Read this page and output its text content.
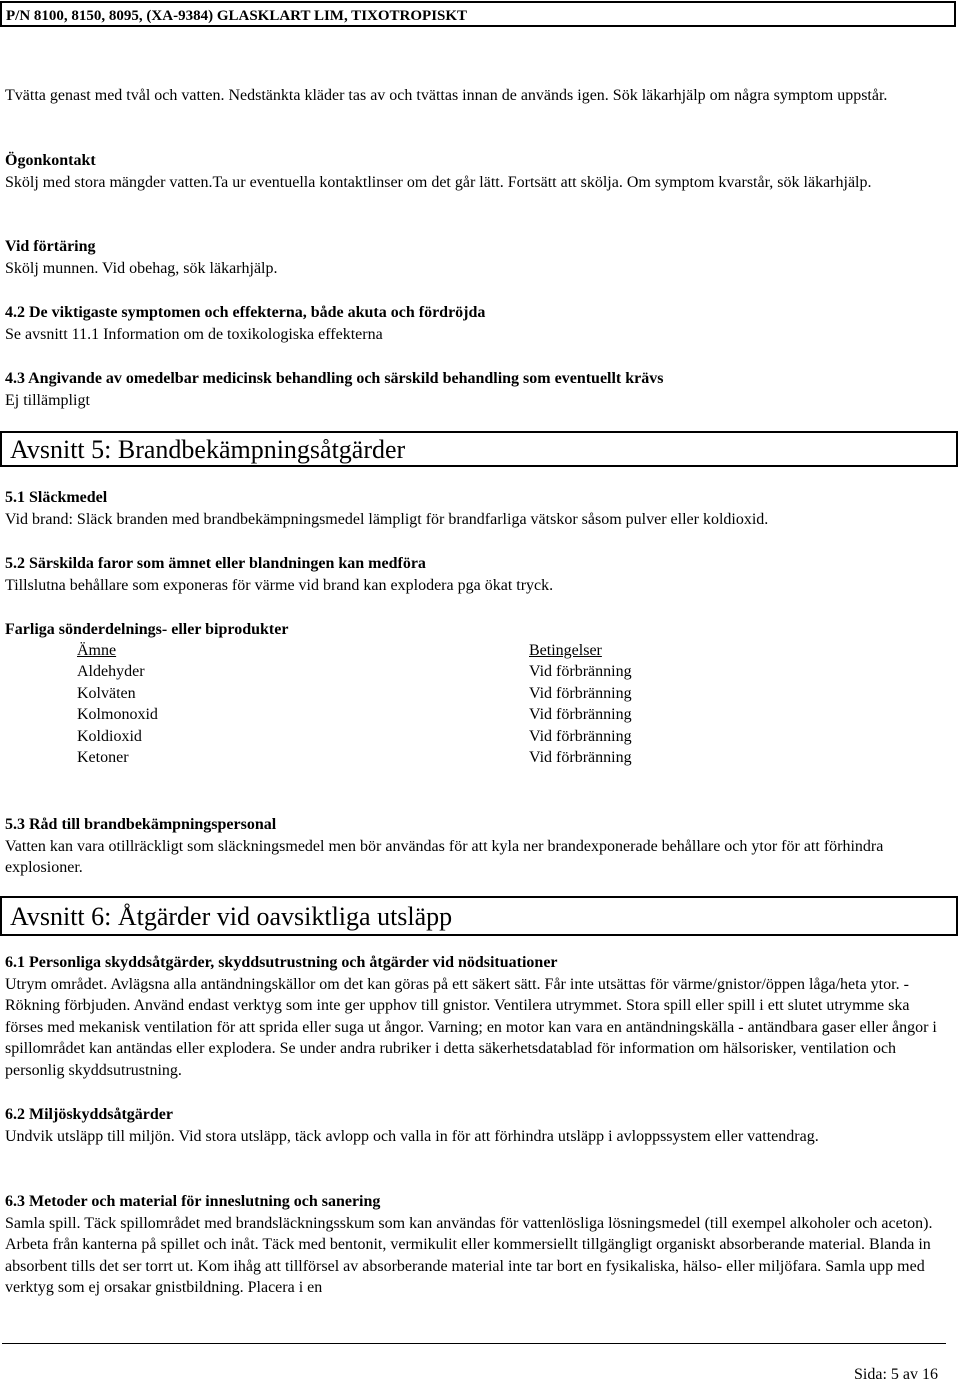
P/N 8100, 8150, 8095, (XA-9384) GLASKLART LIM, TIXOTROPISKT

Tvätta genast med tvål och vatten. Nedstänkta kläder tas av och tvättas innan de används igen. Sök läkarhjälp om några symptom uppstår.

Ögonkontakt

Skölj med stora mängder vatten.Ta ur eventuella kontaktlinser om det går lätt. Fortsätt att skölja. Om symptom kvarstår, sök läkarhjälp.

Vid förtäring

Skölj munnen. Vid obehag, sök läkarhjälp.

4.2 De viktigaste symptomen och effekterna, både akuta och fördröjda

Se avsnitt 11.1 Information om de toxikologiska effekterna

4.3 Angivande av omedelbar medicinsk behandling och särskild behandling som eventuellt krävs

Ej tillämpligt

Avsnitt 5: Brandbekämpningsåtgärder

5.1 Släckmedel

Vid brand: Släck branden med brandbekämpningsmedel lämpligt för brandfarliga vätskor såsom pulver eller koldioxid.

5.2 Särskilda faror som ämnet eller blandningen kan medföra

Tillslutna behållare som exponeras för värme vid brand kan explodera pga ökat tryck.

Farliga sönderdelnings- eller biprodukter

Ämne	Betingelser
Aldehyder	Vid förbränning
Kolväten	Vid förbränning
Kolmonoxid	Vid förbränning
Koldioxid	Vid förbränning
Ketoner	Vid förbränning

5.3 Råd till brandbekämpningspersonal

Vatten kan vara otillräckligt som släckningsmedel men bör användas för att kyla ner brandexponerade behållare och ytor för att förhindra explosioner.

Avsnitt 6: Åtgärder vid oavsiktliga utsläpp

6.1 Personliga skyddsåtgärder, skyddsutrustning och åtgärder vid nödsituationer

Utrym området. Avlägsna alla antändningskällor om det kan göras på ett säkert sätt. Får inte utsättas för värme/gnistor/öppen låga/heta ytor. - Rökning förbjuden. Använd endast verktyg som inte ger upphov till gnistor. Ventilera utrymmet. Stora spill eller spill i ett slutet utrymme ska förses med mekanisk ventilation för att sprida eller suga ut ångor. Varning; en motor kan vara en antändningskälla - antändbara gaser eller ångor i spillområdet kan antändas eller explodera. Se under andra rubriker i detta säkerhetsdatablad för information om hälsorisker, ventilation och personlig skyddsutrustning.

6.2 Miljöskyddsåtgärder

Undvik utsläpp till miljön. Vid stora utsläpp, täck avlopp och valla in för att förhindra utsläpp i avloppssystem eller vattendrag.

6.3 Metoder och material för inneslutning och sanering

Samla spill. Täck spillområdet med brandsläckningsskum som kan användas för vattenlösliga lösningsmedel (till exempel alkoholer och aceton). Arbeta från kanterna på spillet och inåt. Täck med bentonit, vermikulit eller kommersiellt tillgängligt organiskt absorberande material. Blanda in absorbent tills det ser torrt ut. Kom ihåg att tillförsel av absorberande material inte tar bort en fysikaliska, hälso- eller miljöfara. Samla upp med verktyg som ej orsakar gnistbildning. Placera i en

Sida: 5 av 16
